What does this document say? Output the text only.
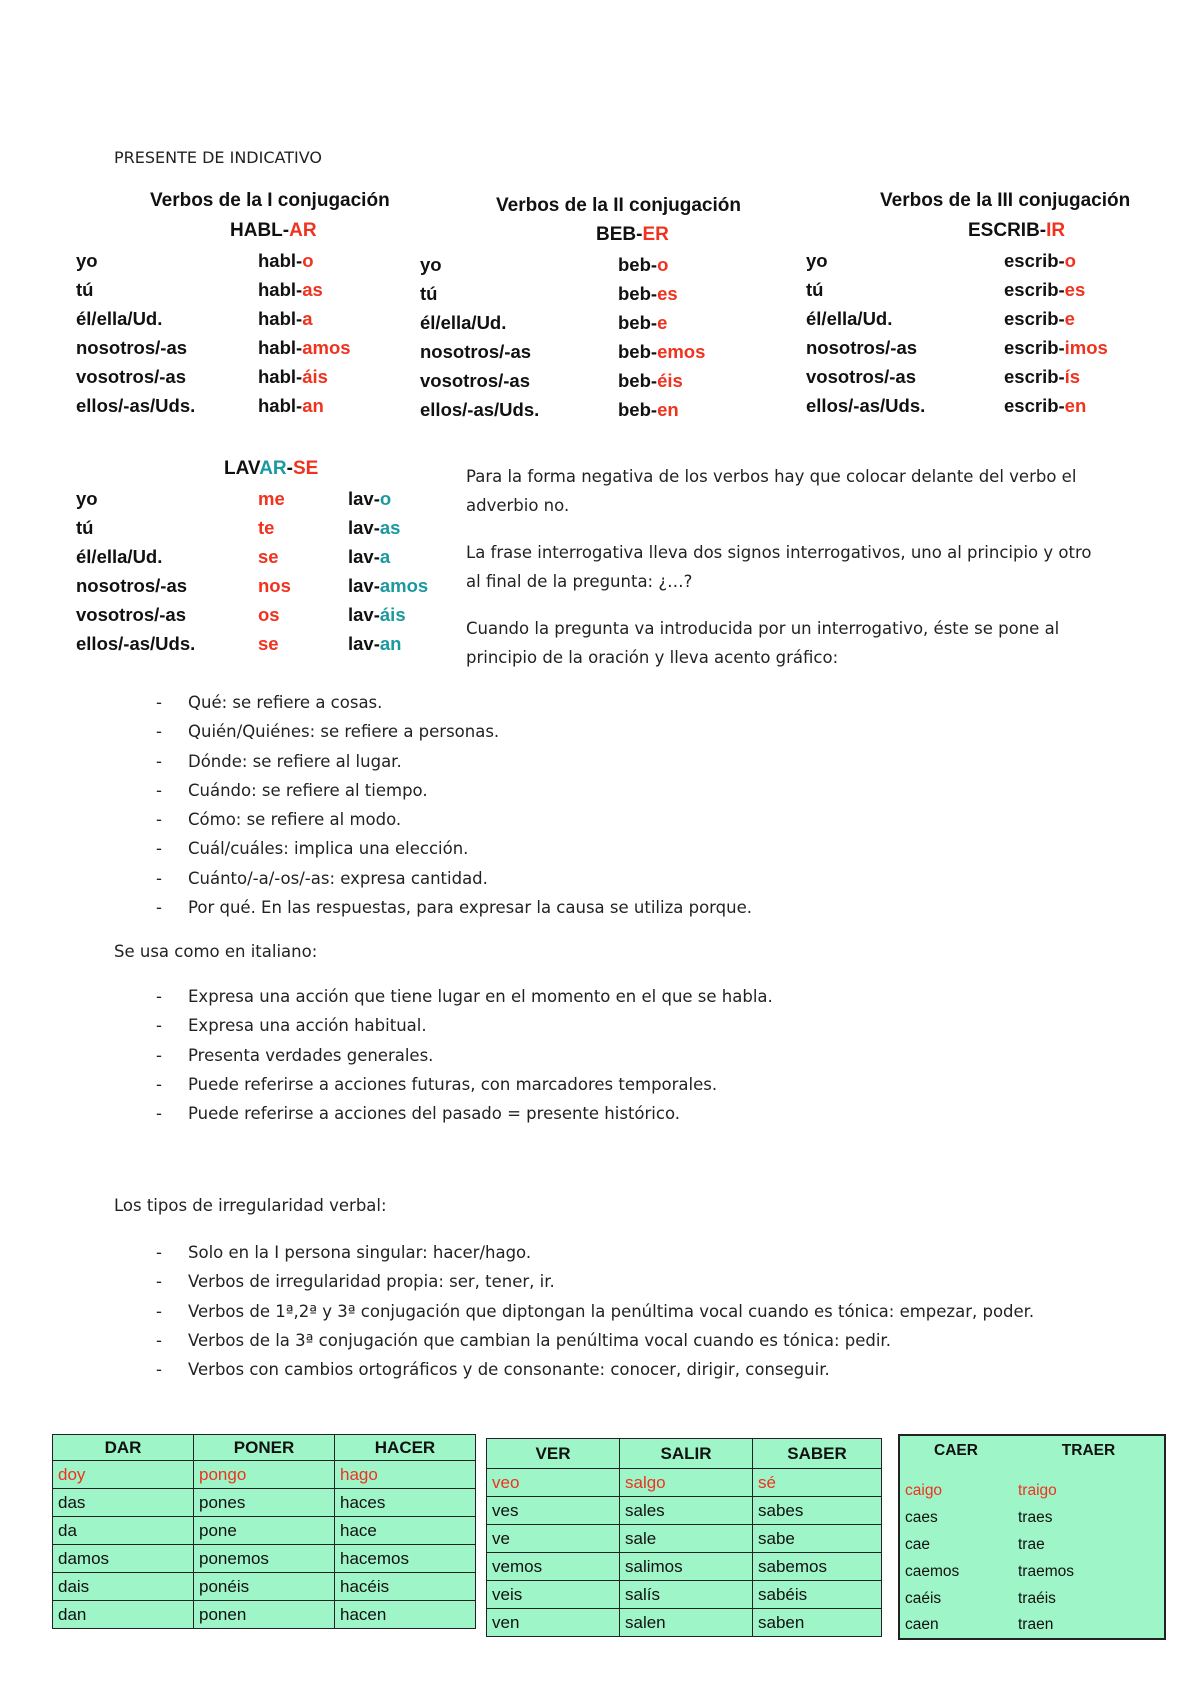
PRESENTE DE INDICATIVO
Verbos de la I conjugación
HABL-AR
yo	habl-o
tú	habl-as
él/ella/Ud.	habl-a
nosotros/-as	habl-amos
vosotros/-as	habl-áis
ellos/-as/Uds.	habl-an
Verbos de la II conjugación
BEB-ER
yo	beb-o
tú	beb-es
él/ella/Ud.	beb-e
nosotros/-as	beb-emos
vosotros/-as	beb-éis
ellos/-as/Uds.	beb-en
Verbos de la III conjugación
ESCRIB-IR
yo	escrib-o
tú	escrib-es
él/ella/Ud.	escrib-e
nosotros/-as	escrib-imos
vosotros/-as	escrib-ís
ellos/-as/Uds.	escrib-en
LAVAR-SE
yo	me	lav-o
tú	te	lav-as
él/ella/Ud.	se	lav-a
nosotros/-as	nos	lav-amos
vosotros/-as	os	lav-áis
ellos/-as/Uds.	se	lav-an

Para la forma negativa de los verbos hay que colocar delante del verbo el adverbio no.

La frase interrogativa lleva dos signos interrogativos, uno al principio y otro al final de la pregunta: ¿…?

Cuando la pregunta va introducida por un interrogativo, éste se pone al principio de la oración y lleva acento gráfico:

- Qué: se refiere a cosas.
- Quién/Quiénes: se refiere a personas.
- Dónde: se refiere al lugar.
- Cuándo: se refiere al tiempo.
- Cómo: se refiere al modo.
- Cuál/cuáles: implica una elección.
- Cuánto/-a/-os/-as: expresa cantidad.
- Por qué. En las respuestas, para expresar la causa se utiliza porque.
Se usa como en italiano:
- Expresa una acción que tiene lugar en el momento en el que se habla.
- Expresa una acción habitual.
- Presenta verdades generales.
- Puede referirse a acciones futuras, con marcadores temporales.
- Puede referirse a acciones del pasado = presente histórico.
Los tipos de irregularidad verbal:
- Solo en la I persona singular: hacer/hago.
- Verbos de irregularidad propia: ser, tener, ir.
- Verbos de 1ª,2ª y 3ª conjugación que diptongan la penúltima vocal cuando es tónica: empezar, poder.
- Verbos de la 3ª conjugación que cambian la penúltima vocal cuando es tónica: pedir.
- Verbos con cambios ortográficos y de consonante: conocer, dirigir, conseguir.
DAR	PONER	HACER
doy	pongo	hago
das	pones	haces
da	pone	hace
damos	ponemos	hacemos
dais	ponéis	hacéis
dan	ponen	hacen
VER	SALIR	SABER
veo	salgo	sé
ves	sales	sabes
ve	sale	sabe
vemos	salimos	sabemos
veis	salís	sabéis
ven	salen	saben
CAER	TRAER
caigo	traigo
caes	traes
cae	trae
caemos	traemos
caéis	traéis
caen	traen
